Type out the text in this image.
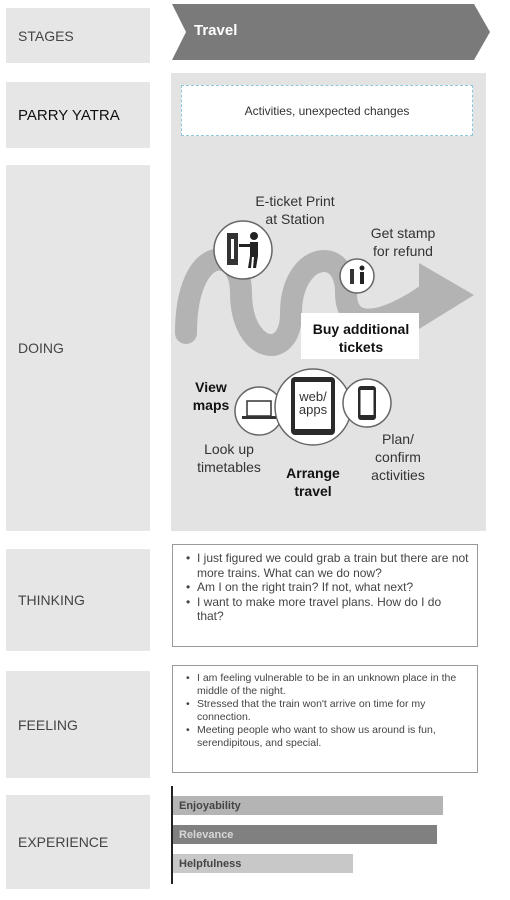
STAGES
PARRY YATRA
DOING
THINKING
FEELING
EXPERIENCE
Travel
Activities, unexpected changes
E-ticket Print
at Station
Get stamp
for refund
Buy additional
tickets
View
maps
web/
apps
Look up
timetables	Arrange
travel
Plan/
confirm
activities
• I just figured we could grab a train but there are not more trains. What can we do now?
• Am I on the right train? If not, what next?
• I want to make more travel plans. How do I do that?
• I am feeling vulnerable to be in an unknown place in the middle of the night.
• Stressed that the train won't arrive on time for my connection.
• Meeting people who want to show us around is fun, serendipitous, and special.
Enjoyability
Relevance
Helpfulness
